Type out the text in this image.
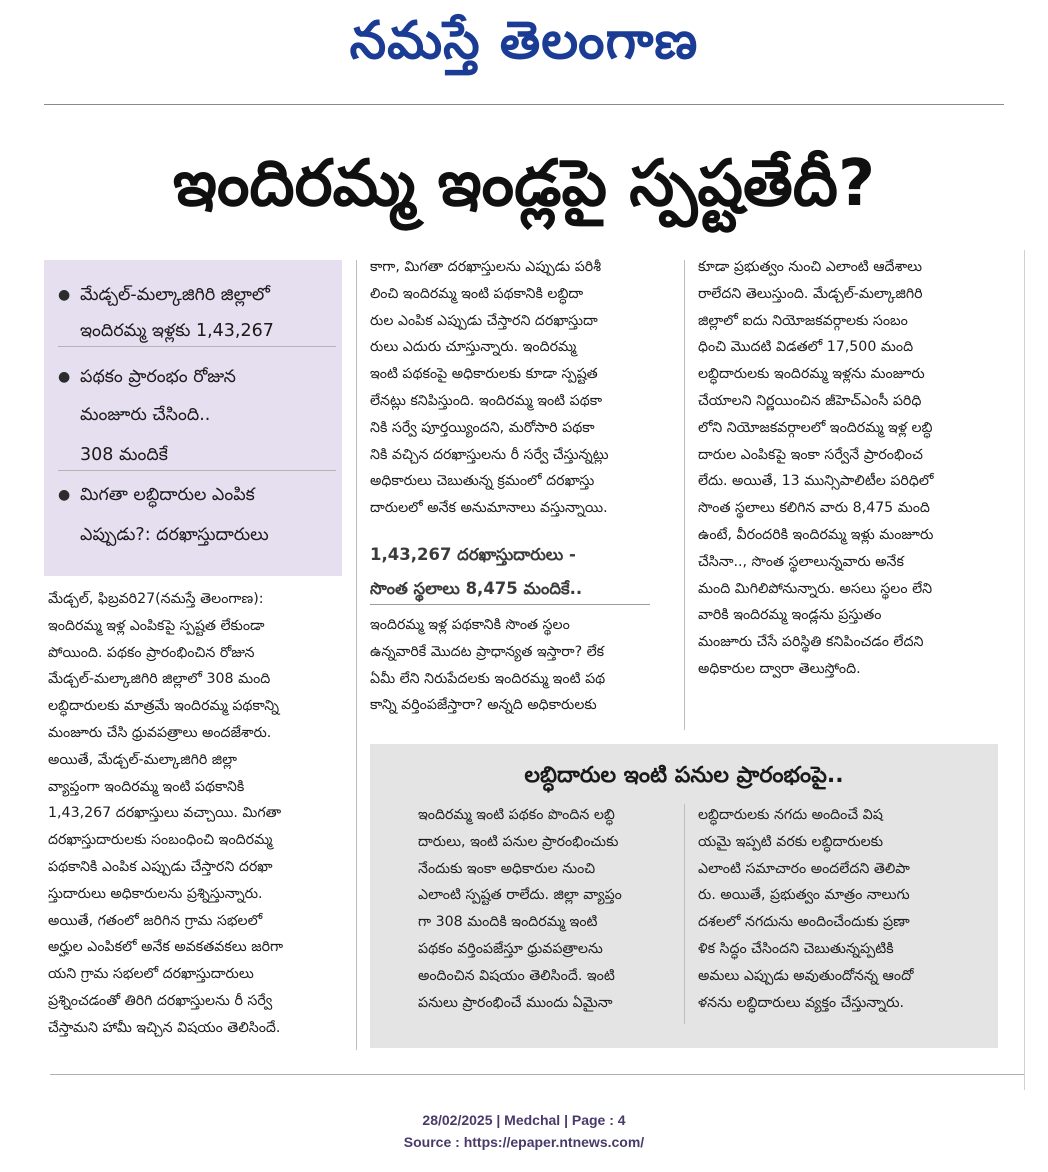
నమస్తే తెలంగాణ
ఇందిరమ్మ ఇండ్లపై స్పష్టతేదీ?
● మేడ్చల్-మల్కాజిగిరి జిల్లాలో
ఇందిరమ్మ ఇళ్లకు 1,43,267
● పథకం ప్రారంభం రోజున
మంజూరు చేసింది..
308 మందికే
● మిగతా లబ్ధిదారుల ఎంపిక
ఎప్పుడు?: దరఖాస్తుదారులు

మేడ్చల్, ఫిబ్రవరి27(నమస్తే తెలంగాణ):

ఇందిరమ్మ ఇళ్ల ఎంపికపై స్పష్టత లేకుండా

పోయింది. పథకం ప్రారంభించిన రోజున

మేడ్చల్-మల్కాజిగిరి జిల్లాలో 308 మంది

లబ్ధిదారులకు మాత్రమే ఇందిరమ్మ పథకాన్ని

మంజూరు చేసి ధ్రువపత్రాలు అందజేశారు.

అయితే, మేడ్చల్-మల్కాజిగిరి జిల్లా

వ్యాప్తంగా ఇందిరమ్మ ఇంటి పథకానికి

1,43,267 దరఖాస్తులు వచ్చాయి. మిగతా

దరఖాస్తుదారులకు సంబంధించి ఇందిరమ్మ

పథకానికి ఎంపిక ఎప్పుడు చేస్తారని దరఖా

స్తుదారులు అధికారులను ప్రశ్నిస్తున్నారు.

అయితే, గతంలో జరిగిన గ్రామ సభలలో

అర్హుల ఎంపికలో అనేక అవకతవకలు జరిగా

యని గ్రామ సభలలో దరఖాస్తుదారులు

ప్రశ్నించడంతో తిరిగి దరఖాస్తులను రీ సర్వే

చేస్తామని హామీ ఇచ్చిన విషయం తెలిసిందే.

కాగా, మిగతా దరఖాస్తులను ఎప్పుడు పరిశీ

లించి ఇందిరమ్మ ఇంటి పథకానికి లబ్ధిదా

రుల ఎంపిక ఎప్పుడు చేస్తారని దరఖాస్తుదా

రులు ఎదురు చూస్తున్నారు. ఇందిరమ్మ

ఇంటి పథకంపై అధికారులకు కూడా స్పష్టత

లేనట్లు కనిపిస్తుంది. ఇందిరమ్మ ఇంటి పథకా

నికి సర్వే పూర్తయ్యిందని, మరోసారి పథకా

నికి వచ్చిన దరఖాస్తులను రీ సర్వే చేస్తున్నట్లు

అధికారులు చెబుతున్న క్రమంలో దరఖాస్తు

దారులలో అనేక అనుమానాలు వస్తున్నాయి.

1,43,267 దరఖాస్తుదారులు -
సొంత స్థలాలు 8,475 మందికే..

ఇందిరమ్మ ఇళ్ల పథకానికి సొంత స్థలం

ఉన్నవారికే మొదట ప్రాధాన్యత ఇస్తారా? లేక

ఏమీ లేని నిరుపేదలకు ఇందిరమ్మ ఇంటి పథ

కాన్ని వర్తింపజేస్తారా? అన్నది అధికారులకు

కూడా ప్రభుత్వం నుంచి ఎలాంటి ఆదేశాలు

రాలేదని తెలుస్తుంది. మేడ్చల్-మల్కాజిగిరి

జిల్లాలో ఐదు నియోజకవర్గాలకు సంబం

ధించి మొదటి విడతలో 17,500 మంది

లబ్ధిదారులకు ఇందిరమ్మ ఇళ్లను మంజూరు

చేయాలని నిర్ణయించిన జీహెచ్ఎంసీ పరిధి

లోని నియోజకవర్గాలలో ఇందిరమ్మ ఇళ్ల లబ్ధి

దారుల ఎంపికపై ఇంకా సర్వేనే ప్రారంభించ

లేదు. అయితే, 13 మున్సిపాలిటీల పరిధిలో

సొంత స్థలాలు కలిగిన వారు 8,475 మంది

ఉంటే, వీరందరికి ఇందిరమ్మ ఇళ్లు మంజూరు

చేసినా.., సొంత స్థలాలున్నవారు అనేక

మంది మిగిలిపోనున్నారు. అసలు స్థలం లేని

వారికి ఇందిరమ్మ ఇండ్లను ప్రస్తుతం

మంజూరు చేసే పరిస్థితి కనిపించడం లేదని

అధికారుల ద్వారా తెలుస్తోంది.

లబ్ధిదారుల ఇంటి పనుల ప్రారంభంపై..

ఇందిరమ్మ ఇంటి పథకం పొందిన లబ్ధి

దారులు, ఇంటి పనుల ప్రారంభించుకు

నేందుకు ఇంకా అధికారుల నుంచి

ఎలాంటి స్పష్టత రాలేదు. జిల్లా వ్యాప్తం

గా 308 మందికి ఇందిరమ్మ ఇంటి

పథకం వర్తింపజేస్తూ ధ్రువపత్రాలను

అందించిన విషయం తెలిసిందే. ఇంటి

పనులు ప్రారంభించే ముందు ఏమైనా

లబ్ధిదారులకు నగదు అందించే విష

యమై ఇప్పటి వరకు లబ్ధిదారులకు

ఎలాంటి సమాచారం అందలేదని తెలిపా

రు. అయితే, ప్రభుత్వం మాత్రం నాలుగు

దశలలో నగదును అందించేందుకు ప్రణా

ళిక సిద్ధం చేసిందని చెబుతున్నప్పటికి

అమలు ఎప్పుడు అవుతుందోనన్న ఆందో

ళనను లబ్ధిదారులు వ్యక్తం చేస్తున్నారు.

28/02/2025 | Medchal | Page : 4
Source : https://epaper.ntnews.com/
